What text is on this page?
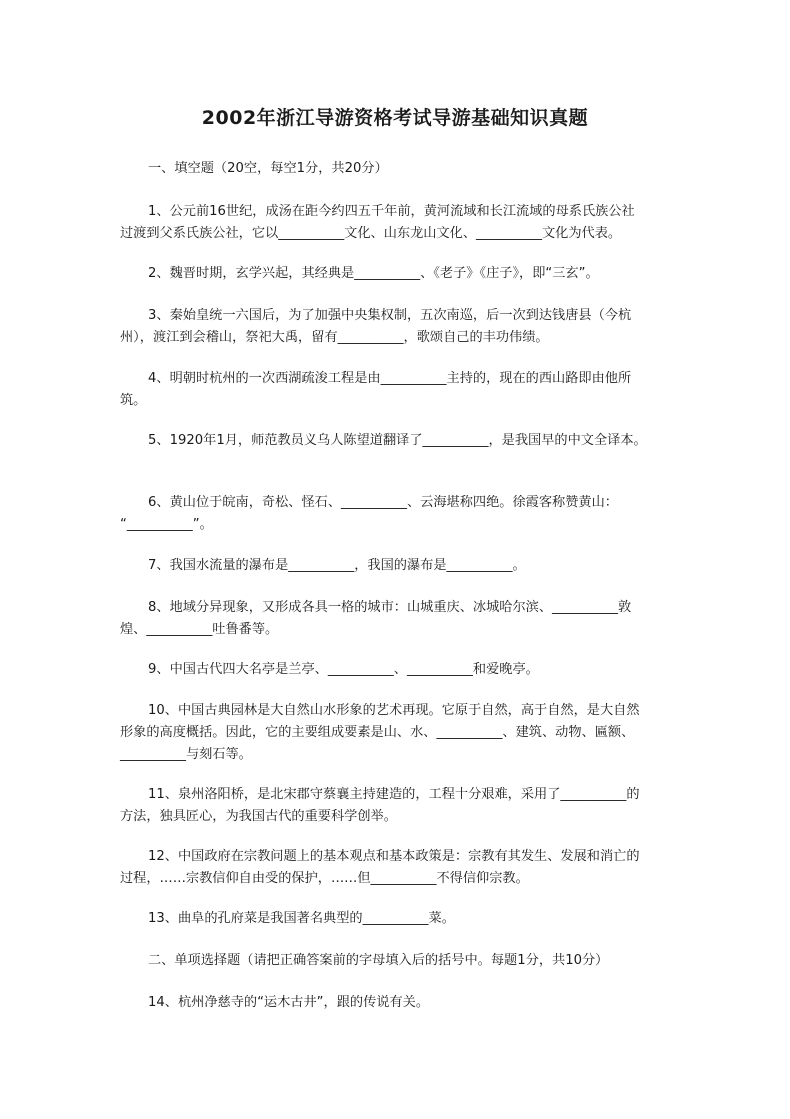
2002年浙江导游资格考试导游基础知识真题

一、填空题（20空，每空1分，共20分）

1、公元前16世纪，成汤在距今约四五千年前，黄河流域和长江流域的母系氏族公社
过渡到父系氏族公社，它以__________文化、山东龙山文化、__________文化为代表。

2、魏晋时期，玄学兴起，其经典是__________、《老子》《庄子》，即“三玄”。

3、秦始皇统一六国后，为了加强中央集权制，五次南巡，后一次到达钱唐县（今杭
州），渡江到会稽山，祭祀大禹，留有__________，歌颂自己的丰功伟绩。

4、明朝时杭州的一次西湖疏浚工程是由__________主持的，现在的西山路即由他所
筑。

5、1920年1月，师范教员义乌人陈望道翻译了__________，是我国早的中文全译本。

6、黄山位于皖南，奇松、怪石、__________、云海堪称四绝。徐霞客称赞黄山：
“__________”。

7、我国水流量的瀑布是__________，我国的瀑布是__________。

8、地域分异现象，又形成各具一格的城市：山城重庆、冰城哈尔滨、__________敦
煌、__________吐鲁番等。

9、中国古代四大名亭是兰亭、__________、__________和爱晚亭。

10、中国古典园林是大自然山水形象的艺术再现。它原于自然，高于自然，是大自然
形象的高度概括。因此，它的主要组成要素是山、水、__________、建筑、动物、匾额、
__________与刻石等。

11、泉州洛阳桥，是北宋郡守蔡襄主持建造的，工程十分艰难，采用了__________的
方法，独具匠心，为我国古代的重要科学创举。

12、中国政府在宗教问题上的基本观点和基本政策是：宗教有其发生、发展和消亡的
过程，……宗教信仰自由受的保护，……但__________不得信仰宗教。

13、曲阜的孔府菜是我国著名典型的__________菜。

二、单项选择题（请把正确答案前的字母填入后的括号中。每题1分，共10分）

14、杭州净慈寺的“运木古井”，跟的传说有关。
